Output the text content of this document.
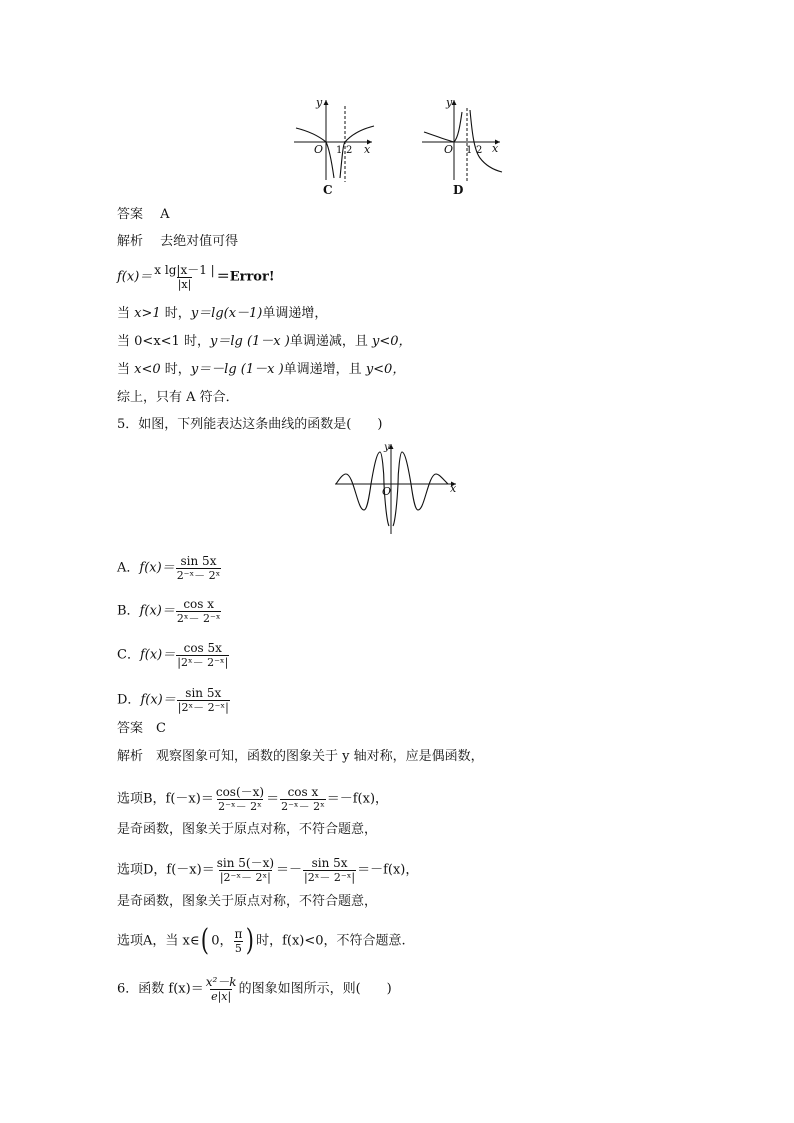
y
x
O 1 2
C
y
x
O 1 2
D
答案　 A
解析　 去绝对值可得
$f(x)= \frac{\text{x lg|x－1 |}}{|x|}$ ＝Error!
当 x>1 时，y＝lg(x－1)单调递增，
当 0<x<1 时，y＝lg (1－x )单调递减，且 y<0，
当 x<0 时，y＝－lg (1－x )单调递增，且 y<0，
综上，只有 A 符合．
5．如图，下列能表达这条曲线的函数是(　　)
y
x
O
A．$f(x)= \frac{\sin 5x}{\text{2⁻ˣ－ 2ˣ}}$
B．$f(x)= \frac{\text{cos x}}{\text{2ˣ－ 2⁻ˣ}}$
C．$f(x)= \frac{\cos 5x}{\text{|2ˣ－ 2⁻ˣ|}}$
D．$f(x)= \frac{\sin 5x}{\text{|2ˣ－ 2⁻ˣ|}}$
答案　 C
解析　 观察图象可知，函数的图象关于 y 轴对称，应是偶函数，
选项B，$f(-x)= \frac{\cos(-x)}{\text{2⁻ˣ－ 2ˣ}} = \frac{\text{cos x}}{\text{2⁻ˣ－ 2ˣ}} =-f(x)$，
是奇函数，图象关于原点对称，不符合题意，
选项D，$f(-x)= \frac{\sin 5(-x)}{\text{|2⁻ˣ－ 2ˣ|}} =- \frac{\sin 5x}{\text{|2ˣ－ 2⁻ˣ|}} =-f(x)$，
是奇函数，图象关于原点对称，不符合题意，
选项A，当 x∈( 0， $\frac{\pi}{5}$ ) 时，f(x)<0，不符合题意.
6．函数 $f(x)= \frac{\text{x²－k}}{e|x|}$ 的图象如图所示，则(　　)
